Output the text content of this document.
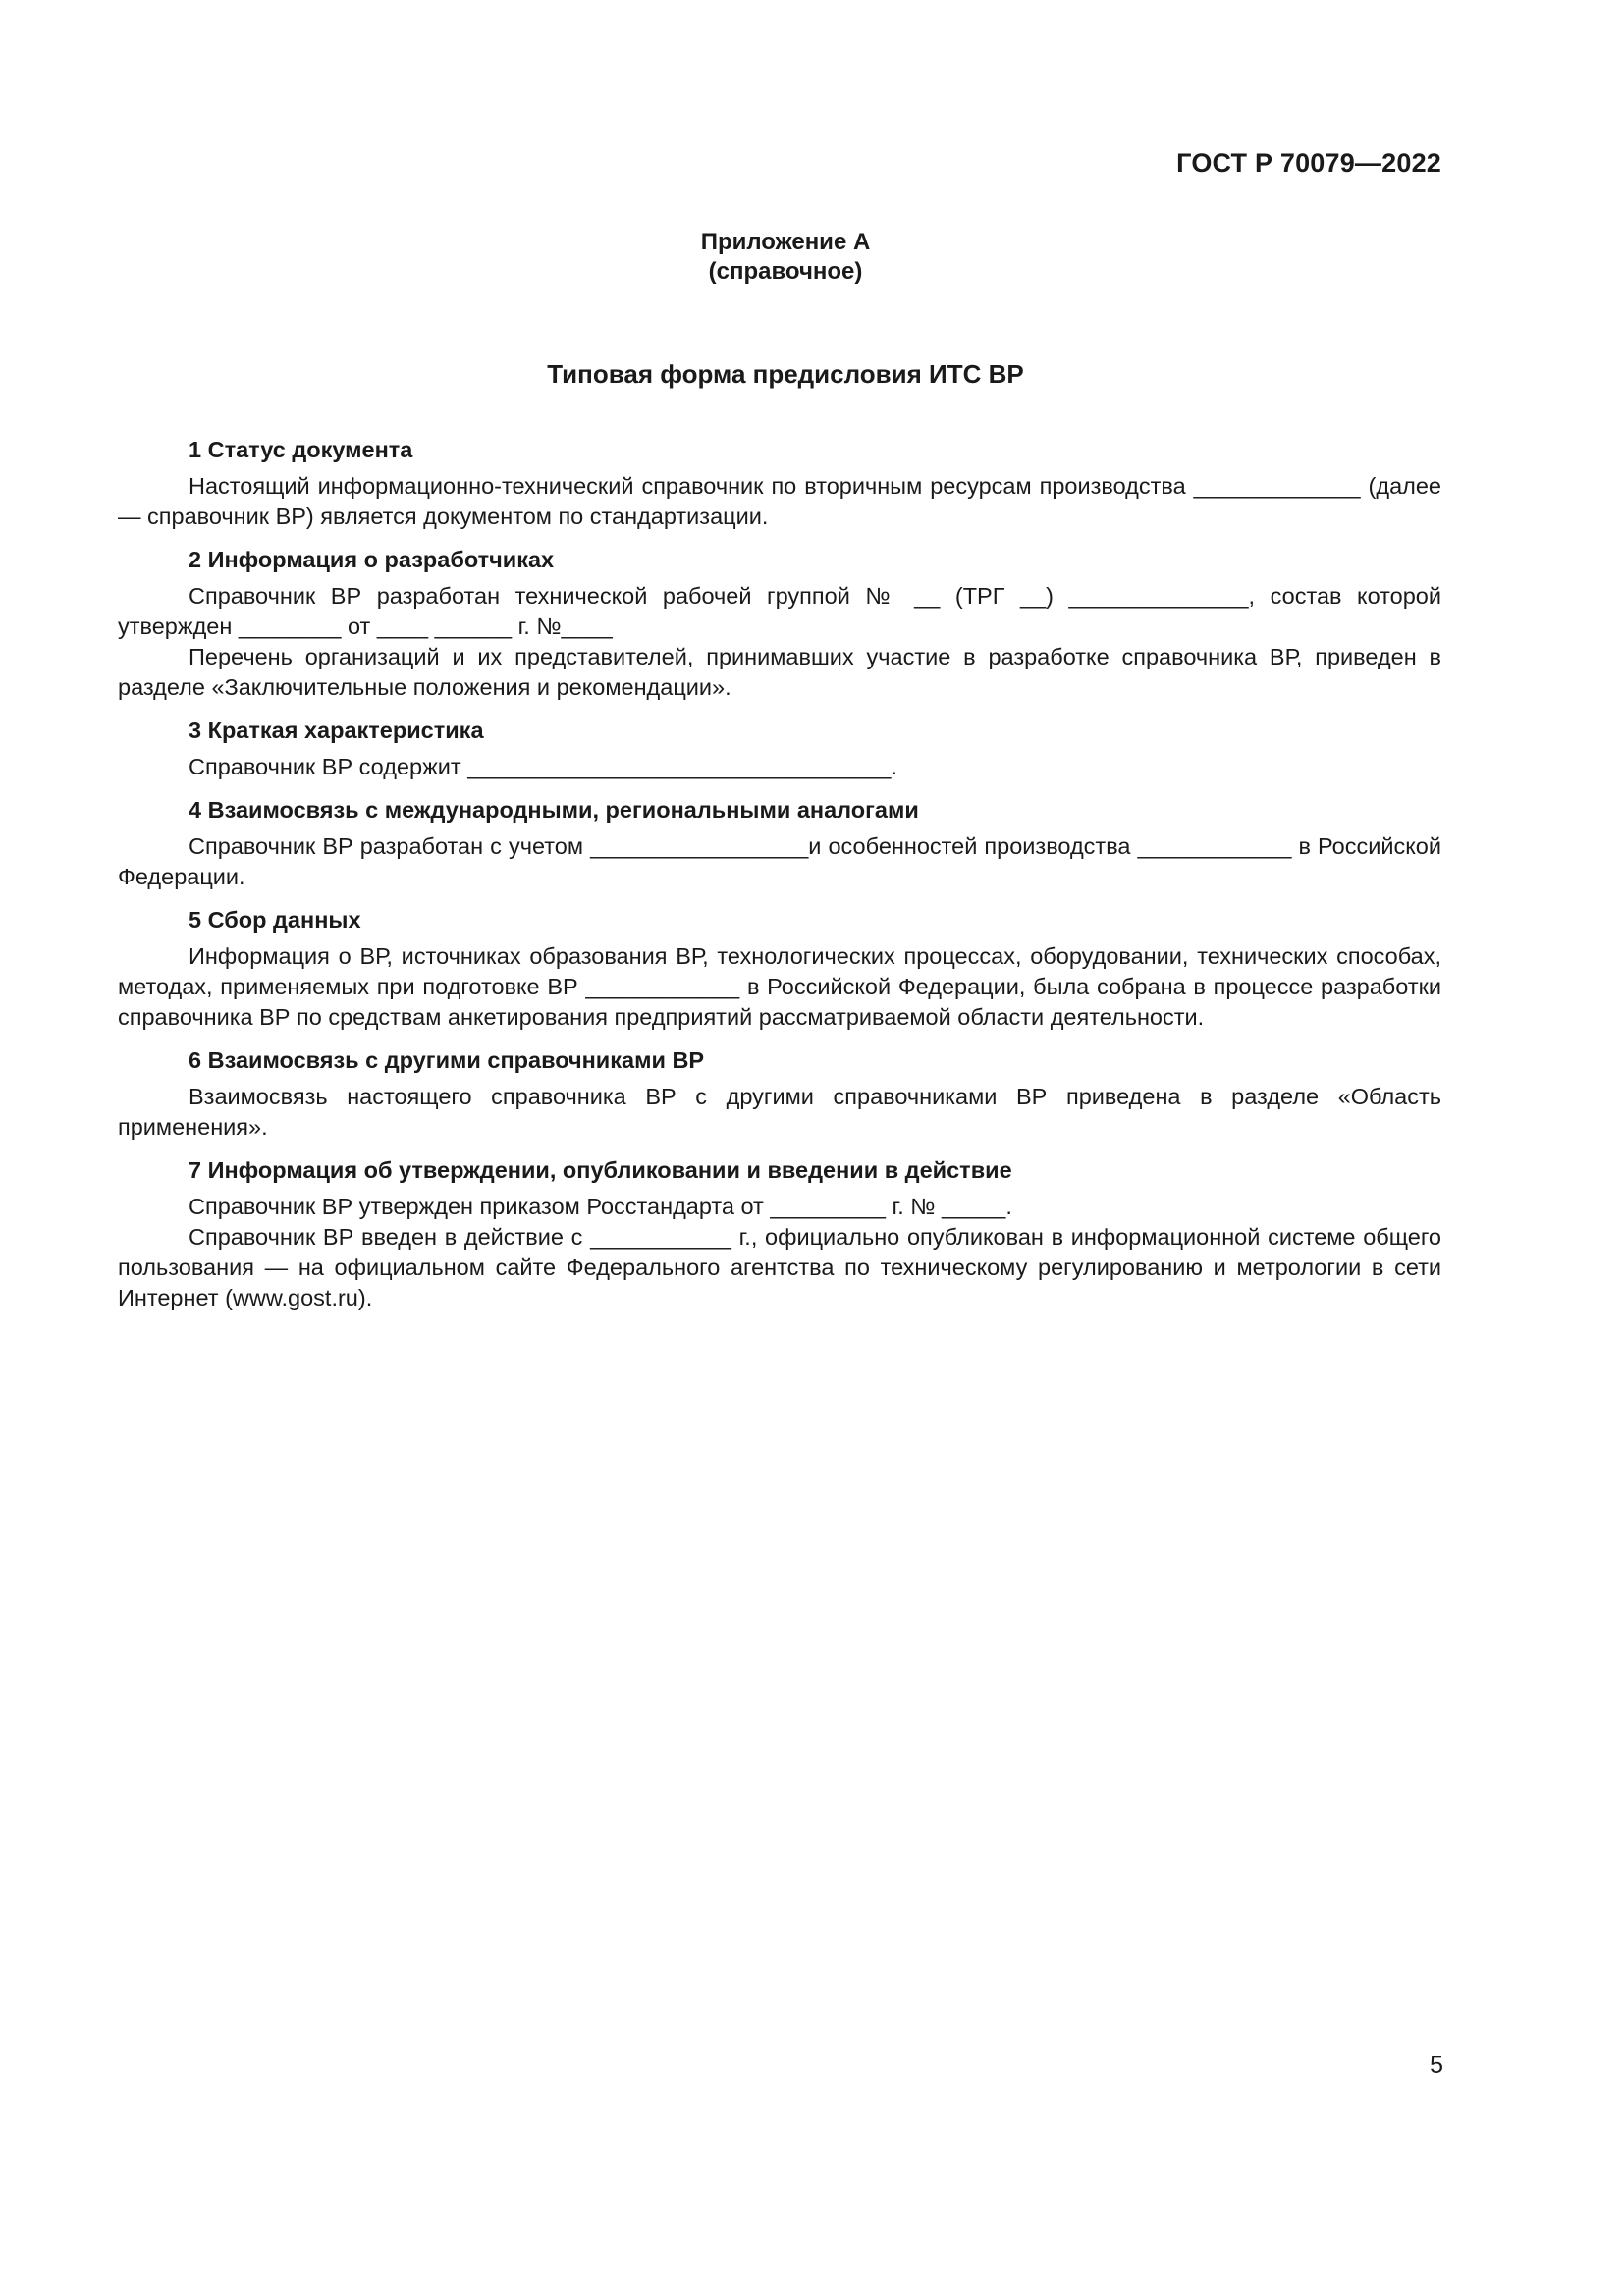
ГОСТ Р 70079—2022
Приложение А
(справочное)
Типовая форма предисловия ИТС ВР

1 Статус документа

Настоящий информационно-технический справочник по вторичным ресурсам производства _____________ (далее — справочник ВР) является документом по стандартизации.

2 Информация о разработчиках

Справочник ВР разработан технической рабочей группой № __ (ТРГ __) ______________, состав которой утвержден ________ от ____ ______ г. №____

Перечень организаций и их представителей, принимавших участие в разработке справочника ВР, приведен в разделе «Заключительные положения и рекомендации».

3 Краткая характеристика

Справочник ВР содержит _________________________________.

4 Взаимосвязь с международными, региональными аналогами

Справочник ВР разработан с учетом _________________и особенностей производства ____________ в Российской Федерации.

5 Сбор данных

Информация о ВР, источниках образования ВР, технологических процессах, оборудовании, технических способах, методах, применяемых при подготовке ВР ____________ в Российской Федерации, была собрана в процессе разработки справочника ВР по средствам анкетирования предприятий рассматриваемой области деятельности.

6 Взаимосвязь с другими справочниками ВР

Взаимосвязь настоящего справочника ВР с другими справочниками ВР приведена в разделе «Область применения».

7 Информация об утверждении, опубликовании и введении в действие

Справочник ВР утвержден приказом Росстандарта от _________ г. № _____.

Справочник ВР введен в действие с ___________ г., официально опубликован в информационной системе общего пользования — на официальном сайте Федерального агентства по техническому регулированию и метрологии в сети Интернет (www.gost.ru).

5
